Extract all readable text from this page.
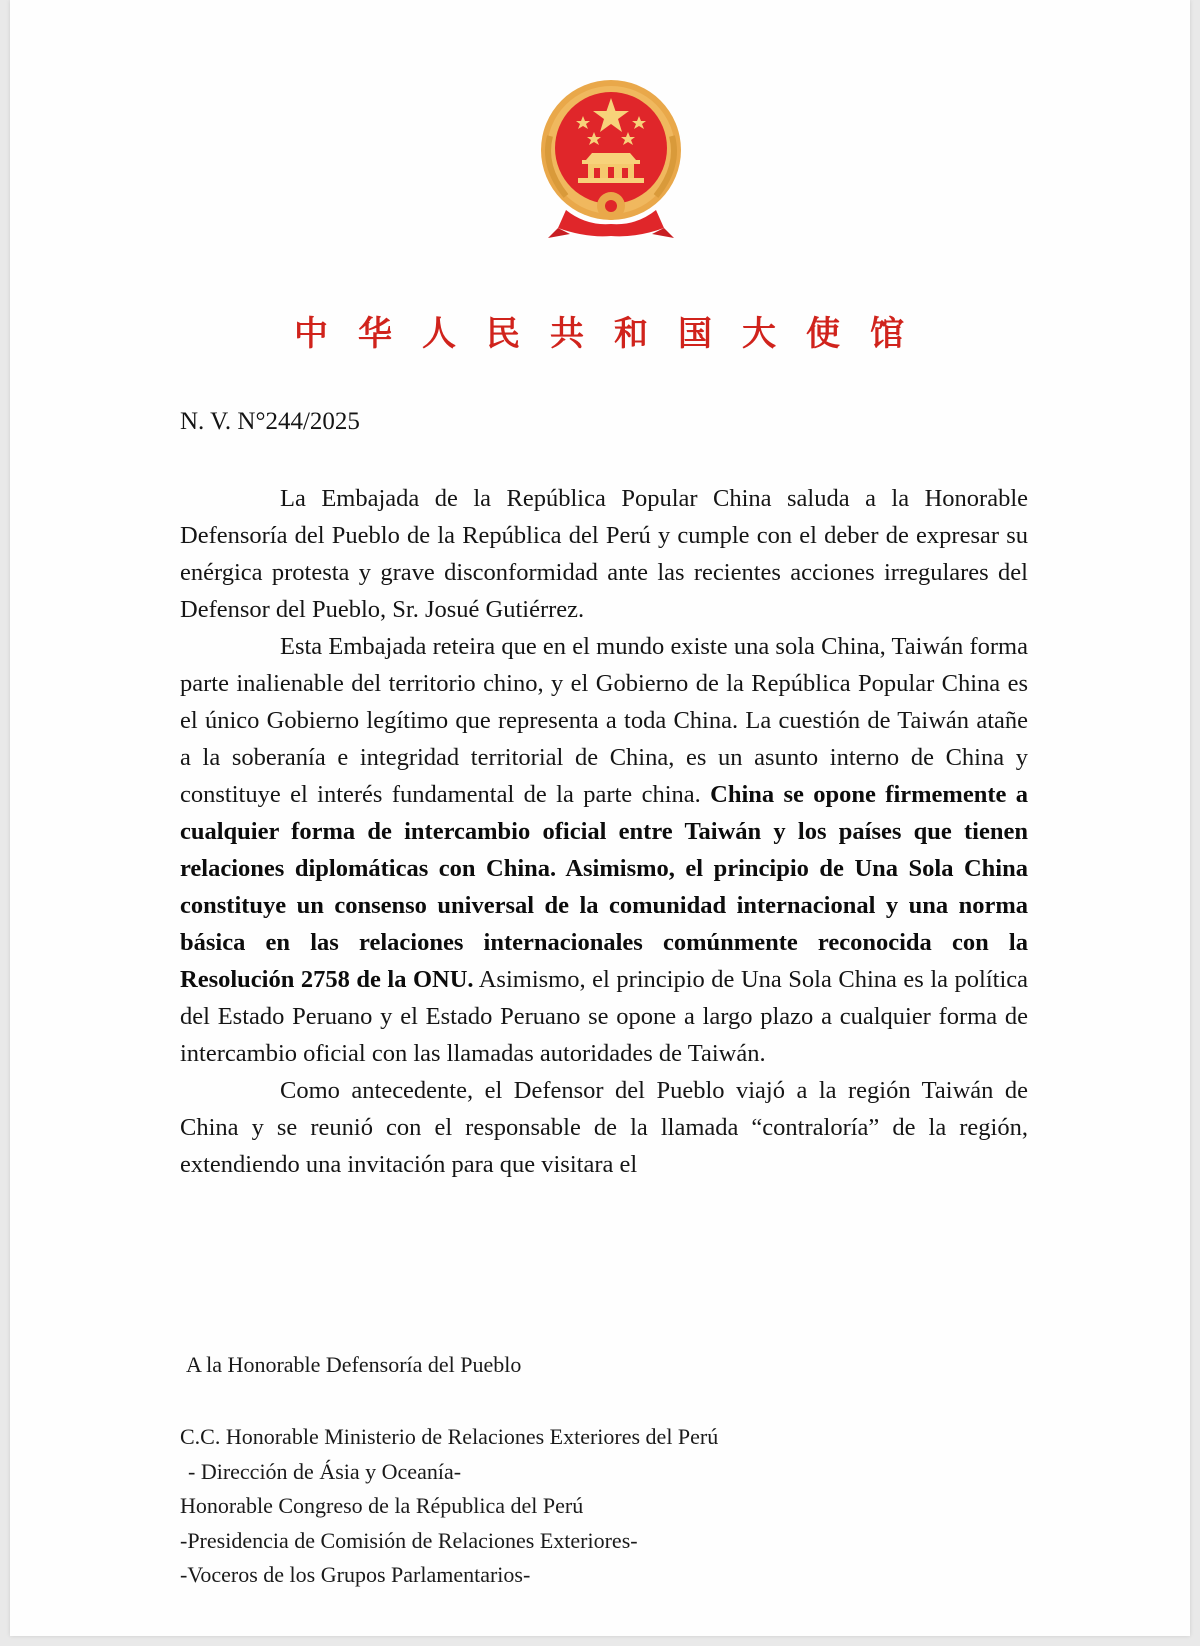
中华人民共和国大使馆
N. V. N°244/2025

La Embajada de la República Popular China saluda a la Honorable Defensoría del Pueblo de la República del Perú y cumple con el deber de expresar su enérgica protesta y grave disconformidad ante las recientes acciones irregulares del Defensor del Pueblo, Sr. Josué Gutiérrez.

Esta Embajada reteira que en el mundo existe una sola China, Taiwán forma parte inalienable del territorio chino, y el Gobierno de la República Popular China es el único Gobierno legítimo que representa a toda China. La cuestión de Taiwán atañe a la soberanía e integridad territorial de China, es un asunto interno de China y constituye el interés fundamental de la parte china. China se opone firmemente a cualquier forma de intercambio oficial entre Taiwán y los países que tienen relaciones diplomáticas con China. Asimismo, el principio de Una Sola China constituye un consenso universal de la comunidad internacional y una norma básica en las relaciones internacionales comúnmente reconocida con la Resolución 2758 de la ONU. Asimismo, el principio de Una Sola China es la política del Estado Peruano y el Estado Peruano se opone a largo plazo a cualquier forma de intercambio oficial con las llamadas autoridades de Taiwán.

Como antecedente, el Defensor del Pueblo viajó a la región Taiwán de China y se reunió con el responsable de la llamada “contraloría” de la región, extendiendo una invitación para que visitara el

A la Honorable Defensoría del Pueblo
C.C. Honorable Ministerio de Relaciones Exteriores del Perú
- Dirección de Ásia y Oceanía-
Honorable Congreso de la Républica del Perú
-Presidencia de Comisión de Relaciones Exteriores-
-Voceros de los Grupos Parlamentarios-
